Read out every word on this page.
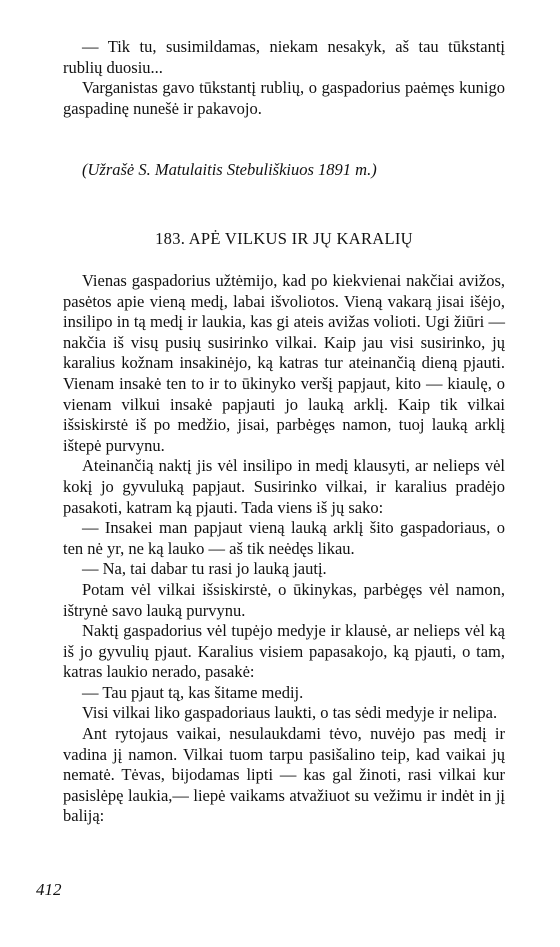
— Tik tu, susimildamas, niekam nesakyk, aš tau tūkstantį rublių duosiu...

Varganistas gavo tūkstantį rublių, o gaspadorius paėmęs kunigo gaspadinę nunešė ir pakavojo.

(Užrašė S. Matulaitis Stebuliškiuos 1891 m.)

183. APĖ VILKUS IR JŲ KARALIŲ

Vienas gaspadorius užtėmijo, kad po kiekvienai nakčiai avižos, pasėtos apie vieną medį, labai išvoliotos. Vieną vakarą jisai išėjo, insilipo in tą medį ir laukia, kas gi ateis avižas volioti. Ugi žiūri — nakčia iš visų pusių susirinko vilkai. Kaip jau visi susirinko, jų karalius kožnam insakinėjo, ką katras tur ateinančią dieną pjauti. Vienam insakė ten to ir to ūkinyko veršį papjaut, kito — kiaulę, o vienam vilkui insakė papjauti jo lauką arklį. Kaip tik vilkai išsiskirstė iš po medžio, jisai, parbėgęs namon, tuoj lauką arklį ištepė purvynu.

Ateinančią naktį jis vėl insilipo in medį klausyti, ar nelieps vėl kokį jo gyvuluką papjaut. Susirinko vilkai, ir karalius pradėjo pasakoti, katram ką pjauti. Tada viens iš jų sako:

— Insakei man papjaut vieną lauką arklį šito gaspadoriaus, o ten nė yr, ne ką lauko — aš tik neėdęs likau.

— Na, tai dabar tu rasi jo lauką jautį.

Potam vėl vilkai išsiskirstė, o ūkinykas, parbėgęs vėl namon, ištrynė savo lauką purvynu.

Naktį gaspadorius vėl tupėjo medyje ir klausė, ar nelieps vėl ką iš jo gyvulių pjaut. Karalius visiem papasakojo, ką pjauti, o tam, katras laukio nerado, pasakė:

— Tau pjaut tą, kas šitame medij.

Visi vilkai liko gaspadoriaus laukti, o tas sėdi medyje ir nelipa.

Ant rytojaus vaikai, nesulaukdami tėvo, nuvėjo pas medį ir vadina jį namon. Vilkai tuom tarpu pasišalino teip, kad vaikai jų nematė. Tėvas, bijodamas lipti — kas gal žinoti, rasi vilkai kur pasislėpę laukia,— liepė vaikams atvažiuot su vežimu ir indėt in jį baliją:

412
